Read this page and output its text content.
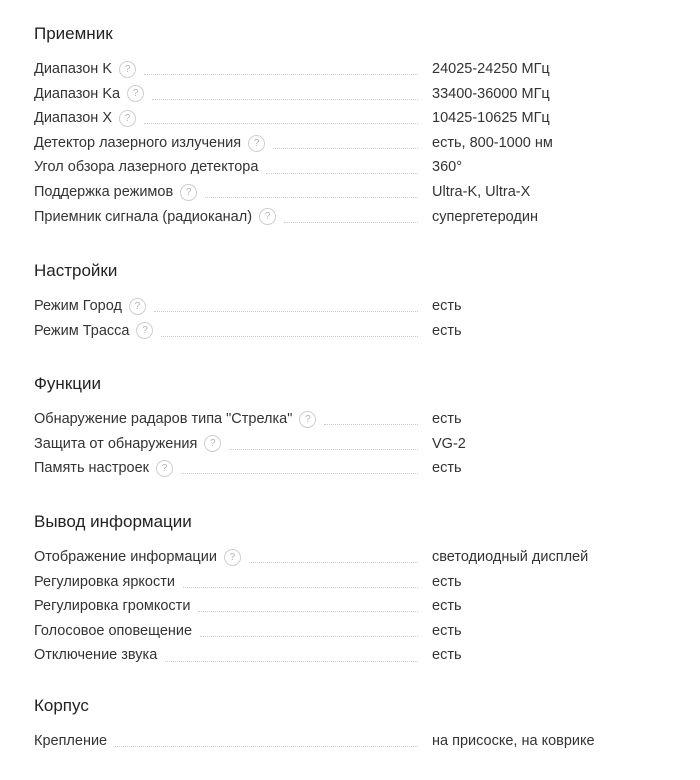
Приемник
Диапазон K	?	24025-24250 МГц
Диапазон Ka	?	33400-36000 МГц
Диапазон X	?	10425-10625 МГц
Детектор лазерного излучения	?	есть, 800-1000 нм
Угол обзора лазерного детектора	360°
Поддержка режимов	?	Ultra-K, Ultra-X
Приемник сигнала (радиоканал)	?	супергетеродин
Настройки
Режим Город	?	есть
Режим Трасса	?	есть
Функции
Обнаружение радаров типа "Стрелка"	?	есть
Защита от обнаружения	?	VG-2
Память настроек	?	есть
Вывод информации
Отображение информации	?	светодиодный дисплей
Регулировка яркости	есть
Регулировка громкости	есть
Голосовое оповещение	есть
Отключение звука	есть
Корпус
Крепление	на присоске, на коврике
